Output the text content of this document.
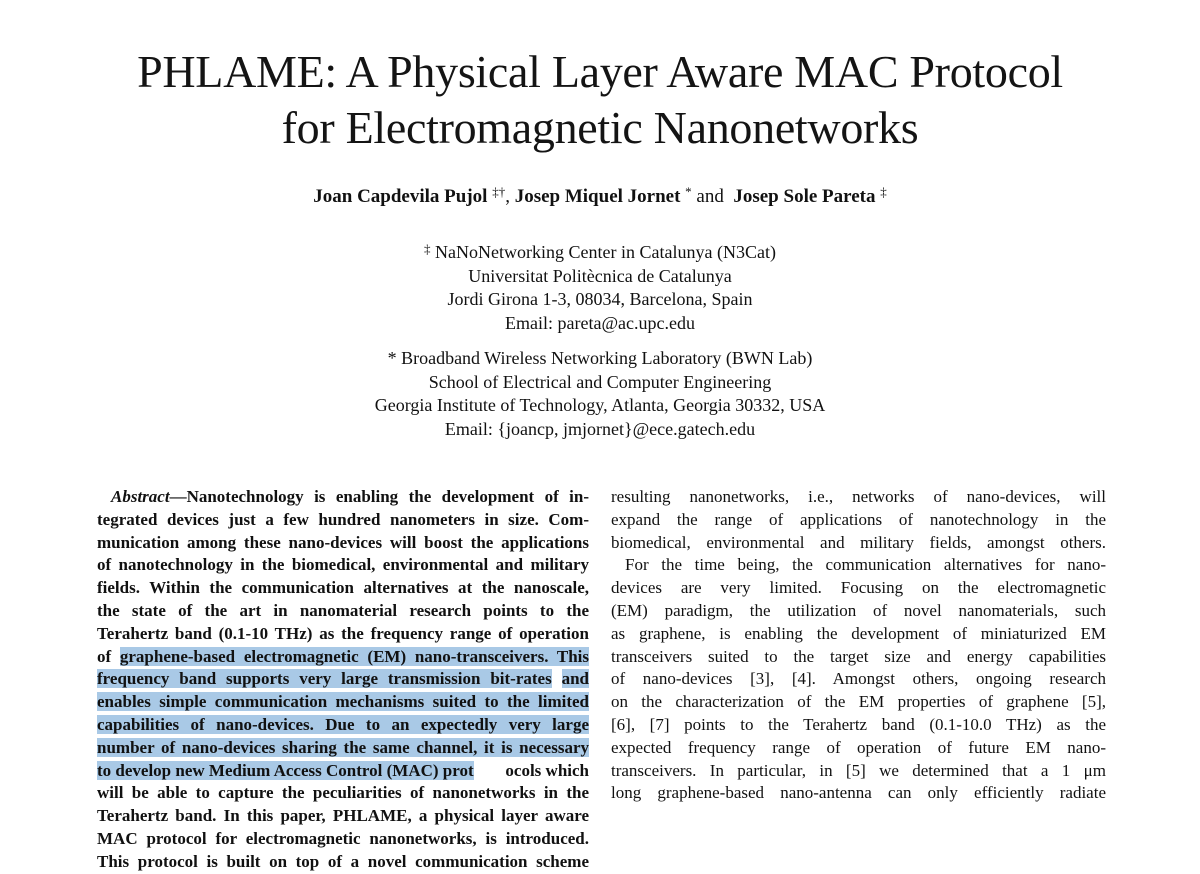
PHLAME: A Physical Layer Aware MAC Protocol
for Electromagnetic Nanonetworks
Joan Capdevila Pujol ‡†, Josep Miquel Jornet * and  Josep Sole Pareta ‡
‡ NaNoNetworking Center in Catalunya (N3Cat)
Universitat Politècnica de Catalunya
Jordi Girona 1-3, 08034, Barcelona, Spain
Email: pareta@ac.upc.edu
* Broadband Wireless Networking Laboratory (BWN Lab)
School of Electrical and Computer Engineering
Georgia Institute of Technology, Atlanta, Georgia 30332, USA
Email: {joancp, jmjornet}@ece.gatech.edu
Abstract—Nanotechnology is enabling the development of in-
tegrated devices just a few hundred nanometers in size. Com-
munication among these nano-devices will boost the applications
of nanotechnology in the biomedical, environmental and military
fields. Within the communication alternatives at the nanoscale,
the state of the art in nanomaterial research points to the
Terahertz band (0.1-10 THz) as the frequency range of operation
of graphene-based electromagnetic (EM) nano-transceivers. This
frequency band supports very large transmission bit-rates and
enables simple communication mechanisms suited to the limited
capabilities of nano-devices. Due to an expectedly very large
number of nano-devices sharing the same channel, it is necessary
to develop new Medium Access Control (MAC) prot ocols which
will be able to capture the peculiarities of nanonetworks in the
Terahertz band. In this paper, PHLAME, a physical layer aware
MAC protocol for electromagnetic nanonetworks, is introduced.
This protocol is built on top of a novel communication scheme
resulting nanonetworks, i.e., networks of nano-devices, will
expand the range of applications of nanotechnology in the
biomedical, environmental and military fields, amongst others.
For the time being, the communication alternatives for nano-
devices are very limited. Focusing on the electromagnetic
(EM) paradigm, the utilization of novel nanomaterials, such
as graphene, is enabling the development of miniaturized EM
transceivers suited to the target size and energy capabilities
of nano-devices [3], [4]. Amongst others, ongoing research
on the characterization of the EM properties of graphene [5],
[6], [7] points to the Terahertz band (0.1-10.0 THz) as the
expected frequency range of operation of future EM nano-
transceivers. In particular, in [5] we determined that a 1 μm
long graphene-based nano-antenna can only efficiently radiate
